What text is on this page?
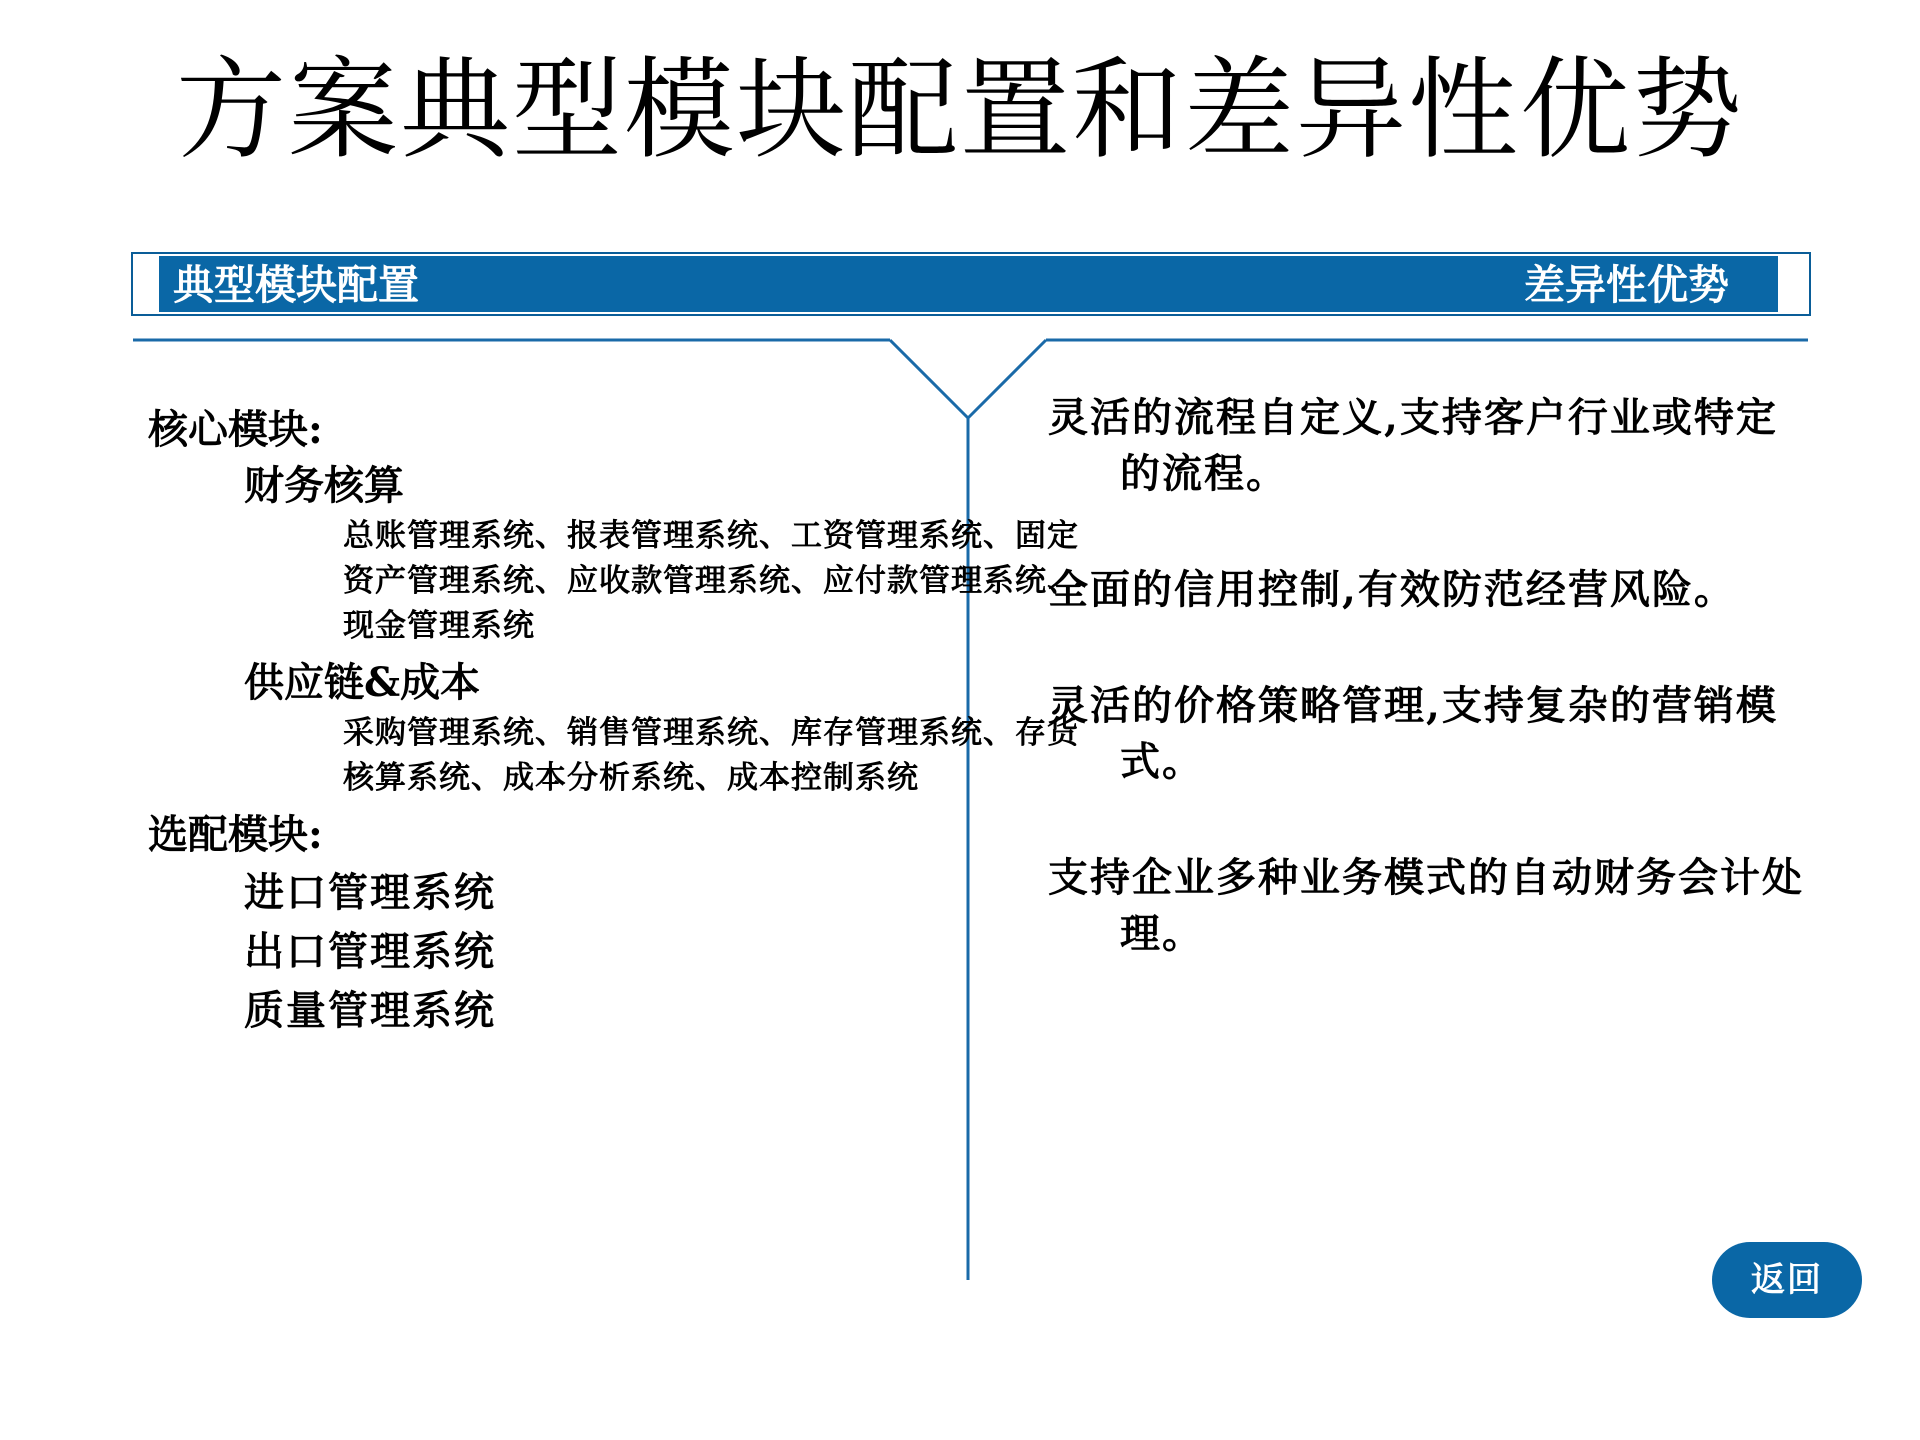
方案典型模块配置和差异性优势
典型模块配置	差异性优势

核心模块:

财务核算

总账管理系统、报表管理系统、工资管理系统、固定资产管理系统、应收款管理系统、应付款管理系统、现金管理系统

供应链&成本

采购管理系统、销售管理系统、库存管理系统、存货核算系统、成本分析系统、成本控制系统

选配模块:

进口管理系统

出口管理系统

质量管理系统

灵活的流程自定义,支持客户行业或特定的流程。

全面的信用控制,有效防范经营风险。

灵活的价格策略管理,支持复杂的营销模式。

支持企业多种业务模式的自动财务会计处理。

返回
